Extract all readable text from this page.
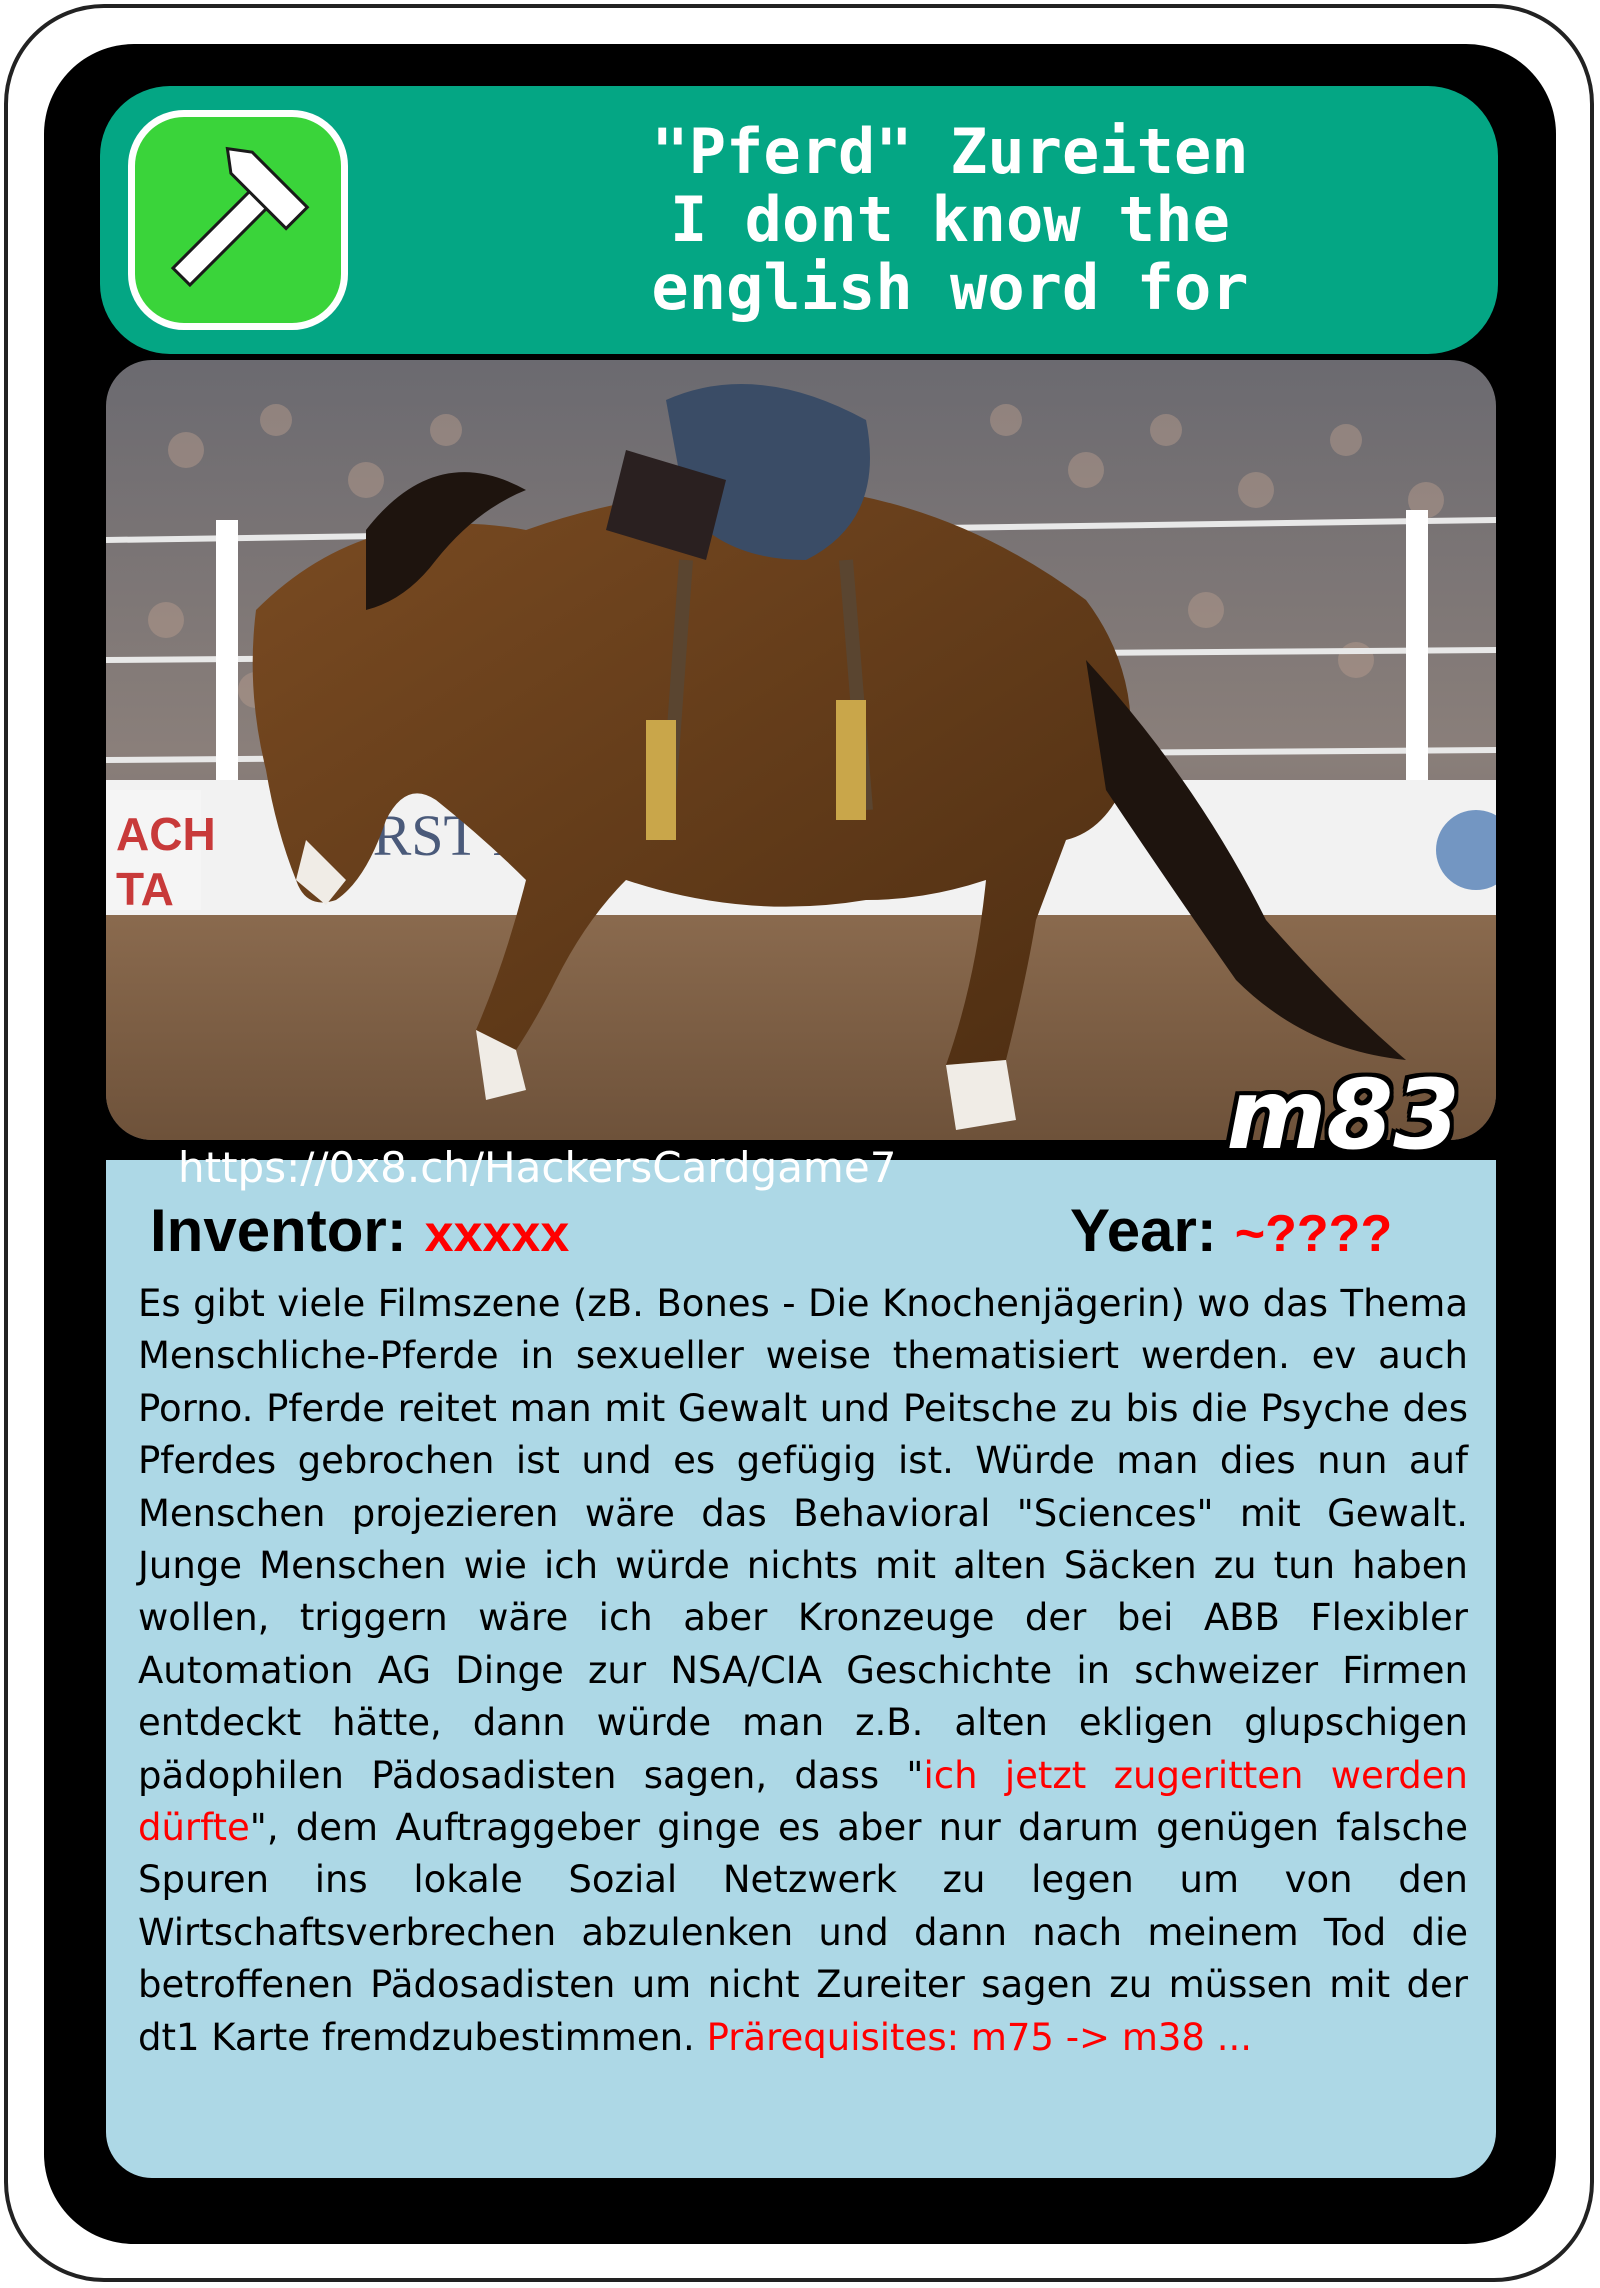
"Pferd" Zureiten
I dont know the
english word for
ACH
TA
https://0x8.ch/HackersCardgame7	m83
Inventor: xxxxx	Year: ~????

Es gibt viele Filmszene (zB. Bones - Die Knochenjägerin) wo das Thema Menschliche-Pferde in sexueller weise thematisiert werden. ev auch Porno. Pferde reitet man mit Gewalt und Peitsche zu bis die Psyche des Pferdes gebrochen ist und es gefügig ist. Würde man dies nun auf Menschen projezieren wäre das Behavioral "Sciences" mit Gewalt. Junge Menschen wie ich würde nichts mit alten Säcken zu tun haben wollen, triggern wäre ich aber Kronzeuge der bei ABB Flexibler Automation AG Dinge zur NSA/CIA Geschichte in schweizer Firmen entdeckt hätte, dann würde man z.B. alten ekligen glupschigen pädophilen Pädosadisten sagen, dass "ich jetzt zugeritten werden dürfte", dem Auftraggeber ginge es aber nur darum genügen falsche Spuren ins lokale Sozial Netzwerk zu legen um von den Wirtschaftsverbrechen abzulenken und dann nach meinem Tod die betroffenen Pädosadisten um nicht Zureiter sagen zu müssen mit der dt1 Karte fremdzubestimmen. Prärequisites: m75 -> m38 ...
